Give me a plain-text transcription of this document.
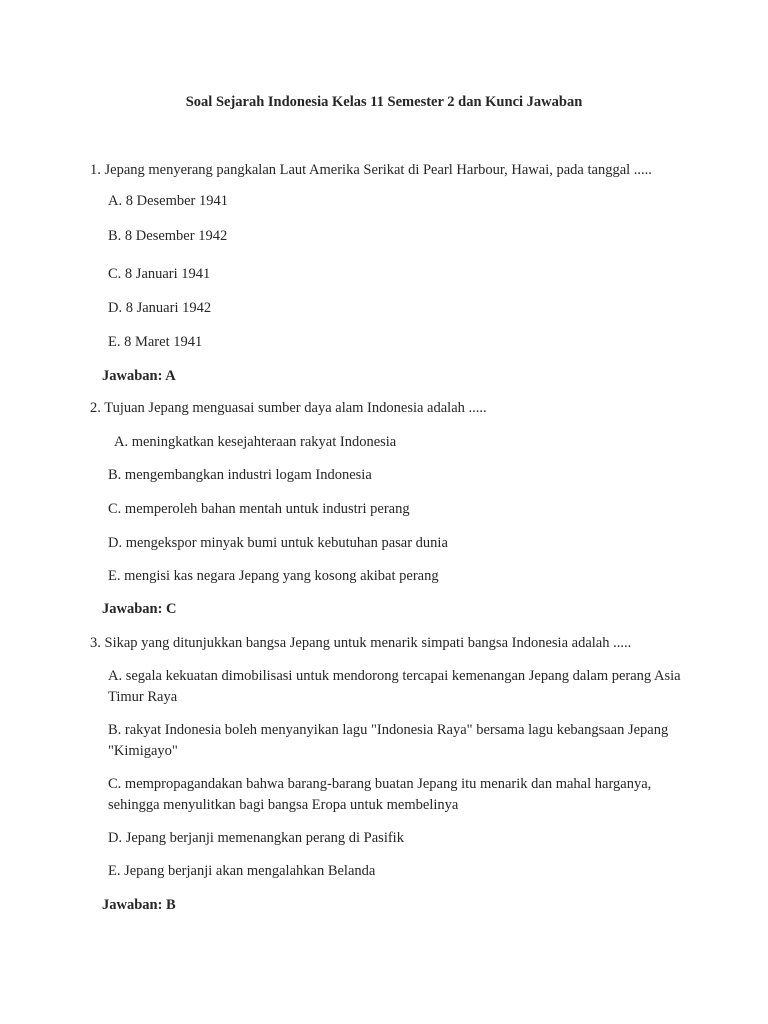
Soal Sejarah Indonesia Kelas 11 Semester 2 dan Kunci Jawaban
1. Jepang menyerang pangkalan Laut Amerika Serikat di Pearl Harbour, Hawai, pada tanggal .....
A. 8 Desember 1941
B. 8 Desember 1942
C. 8 Januari 1941
D. 8 Januari 1942
E. 8 Maret 1941
Jawaban: A
2. Tujuan Jepang menguasai sumber daya alam Indonesia adalah .....
A. meningkatkan kesejahteraan rakyat Indonesia
B. mengembangkan industri logam Indonesia
C. memperoleh bahan mentah untuk industri perang
D. mengekspor minyak bumi untuk kebutuhan pasar dunia
E. mengisi kas negara Jepang yang kosong akibat perang
Jawaban: C
3. Sikap yang ditunjukkan bangsa Jepang untuk menarik simpati bangsa Indonesia adalah .....
A. segala kekuatan dimobilisasi untuk mendorong tercapai kemenangan Jepang dalam perang Asia Timur Raya
B. rakyat Indonesia boleh menyanyikan lagu "Indonesia Raya" bersama lagu kebangsaan Jepang "Kimigayo"
C. mempropagandakan bahwa barang-barang buatan Jepang itu menarik dan mahal harganya, sehingga menyulitkan bagi bangsa Eropa untuk membelinya
D. Jepang berjanji memenangkan perang di Pasifik
E. Jepang berjanji akan mengalahkan Belanda
Jawaban: B
